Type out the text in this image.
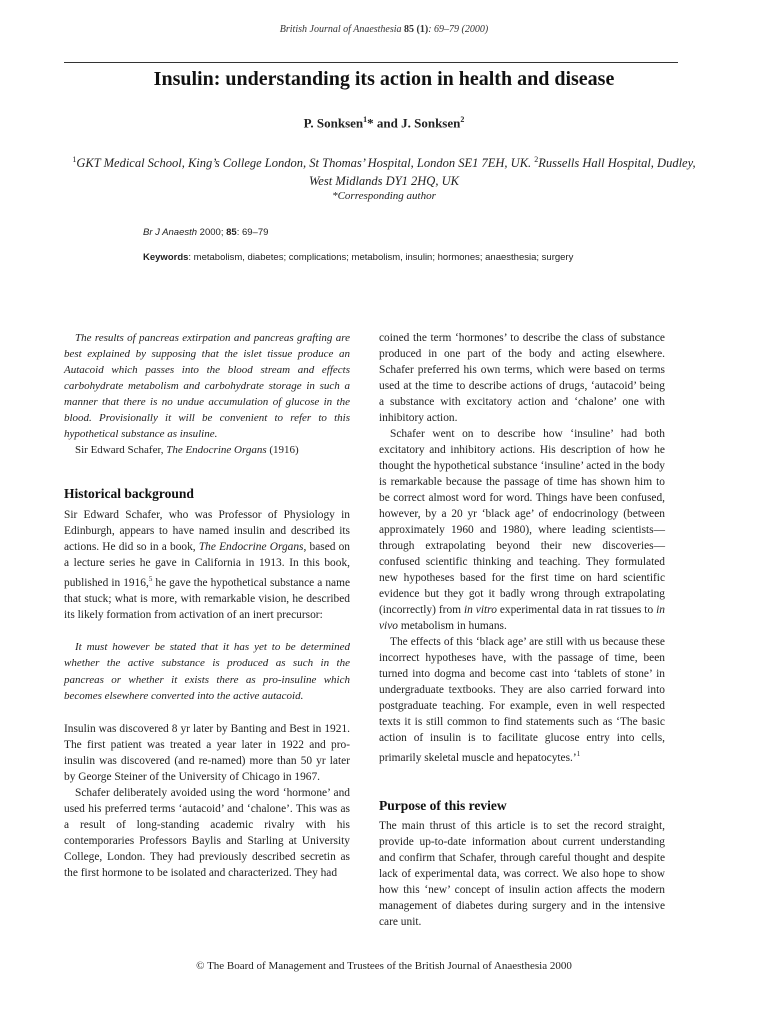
British Journal of Anaesthesia 85 (1): 69–79 (2000)
Insulin: understanding its action in health and disease
P. Sonksen$^1$* and J. Sonksen$^2$
$^1$GKT Medical School, King’s College London, St Thomas’ Hospital, London SE1 7EH, UK. $^2$Russells Hall Hospital, Dudley, West Midlands DY1 2HQ, UK
*Corresponding author
Br J Anaesth 2000; 85: 69–79
Keywords: metabolism, diabetes; complications; metabolism, insulin; hormones; anaesthesia; surgery

The results of pancreas extirpation and pancreas grafting are best explained by supposing that the islet tissue produce an Autacoid which passes into the blood stream and effects carbohydrate metabolism and carbohydrate storage in such a manner that there is no undue accumulation of glucose in the blood. Provisionally it will be convenient to refer to this hypothetical substance as insuline.

Sir Edward Schafer, The Endocrine Organs (1916)

Historical background

Sir Edward Schafer, who was Professor of Physiology in Edinburgh, appears to have named insulin and described its actions. He did so in a book, The Endocrine Organs, based on a lecture series he gave in California in 1913. In this book, published in 1916,$^5$ he gave the hypothetical substance a name that stuck; what is more, with remarkable vision, he described its likely formation from activation of an inert precursor:

It must however be stated that it has yet to be determined whether the active substance is produced as such in the pancreas or whether it exists there as pro-insuline which becomes elsewhere converted into the active autacoid.

Insulin was discovered 8 yr later by Banting and Best in 1921. The first patient was treated a year later in 1922 and pro-insulin was discovered (and re-named) more than 50 yr later by George Steiner of the University of Chicago in 1967.

Schafer deliberately avoided using the word ‘hormone’ and used his preferred terms ‘autacoid’ and ‘chalone’. This was as a result of long-standing academic rivalry with his contemporaries Professors Baylis and Starling at University College, London. They had previously described secretin as the first hormone to be isolated and characterized. They had

coined the term ‘hormones’ to describe the class of substance produced in one part of the body and acting elsewhere. Schafer preferred his own terms, which were based on terms used at the time to describe actions of drugs, ‘autacoid’ being a substance with excitatory action and ‘chalone’ one with inhibitory action.

Schafer went on to describe how ‘insuline’ had both excitatory and inhibitory actions. His description of how he thought the hypothetical substance ‘insuline’ acted in the body is remarkable because the passage of time has shown him to be correct almost word for word. Things have been confused, however, by a 20 yr ‘black age’ of endocrinology (between approximately 1960 and 1980), where leading scientists—through extrapolating beyond their new discoveries—confused scientific thinking and teaching. They formulated new hypotheses based for the first time on hard scientific evidence but they got it badly wrong through extrapolating (incorrectly) from in vitro experimental data in rat tissues to in vivo metabolism in humans.

The effects of this ‘black age’ are still with us because these incorrect hypotheses have, with the passage of time, been turned into dogma and become cast into ‘tablets of stone’ in undergraduate textbooks. They are also carried forward into postgraduate teaching. For example, even in well respected texts it is still common to find statements such as ‘The basic action of insulin is to facilitate glucose entry into cells, primarily skeletal muscle and hepatocytes.’$^1$

Purpose of this review

The main thrust of this article is to set the record straight, provide up-to-date information about current understanding and confirm that Schafer, through careful thought and despite lack of experimental data, was correct. We also hope to show how this ‘new’ concept of insulin action affects the modern management of diabetes during surgery and in the intensive care unit.

© The Board of Management and Trustees of the British Journal of Anaesthesia 2000
